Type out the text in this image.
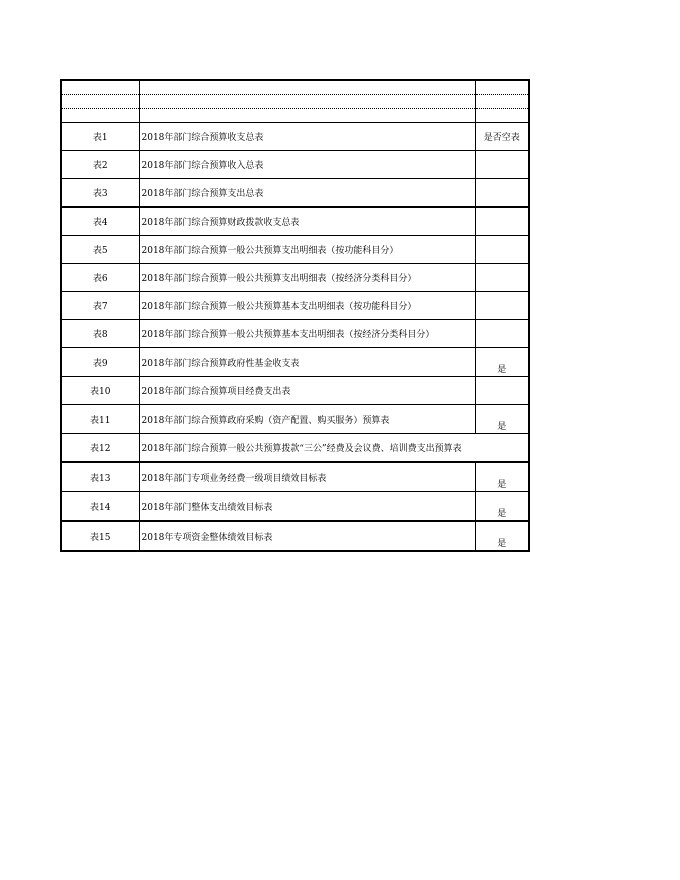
表1	2018年部门综合预算收支总表	是否空表
表2	2018年部门综合预算收入总表	
表3	2018年部门综合预算支出总表	
表4	2018年部门综合预算财政拨款收支总表	
表5	2018年部门综合预算一般公共预算支出明细表（按功能科目分）	
表6	2018年部门综合预算一般公共预算支出明细表（按经济分类科目分）	
表7	2018年部门综合预算一般公共预算基本支出明细表（按功能科目分）	
表8	2018年部门综合预算一般公共预算基本支出明细表（按经济分类科目分）	
表9	2018年部门综合预算政府性基金收支表	是
表10	2018年部门综合预算项目经费支出表	
表11	2018年部门综合预算政府采购（资产配置、购买服务）预算表	是
表12	2018年部门综合预算一般公共预算拨款“三公”经费及会议费、培训费支出预算表	
表13	2018年部门专项业务经费一级项目绩效目标表	是
表14	2018年部门整体支出绩效目标表	是
表15	2018年专项资金整体绩效目标表	是
